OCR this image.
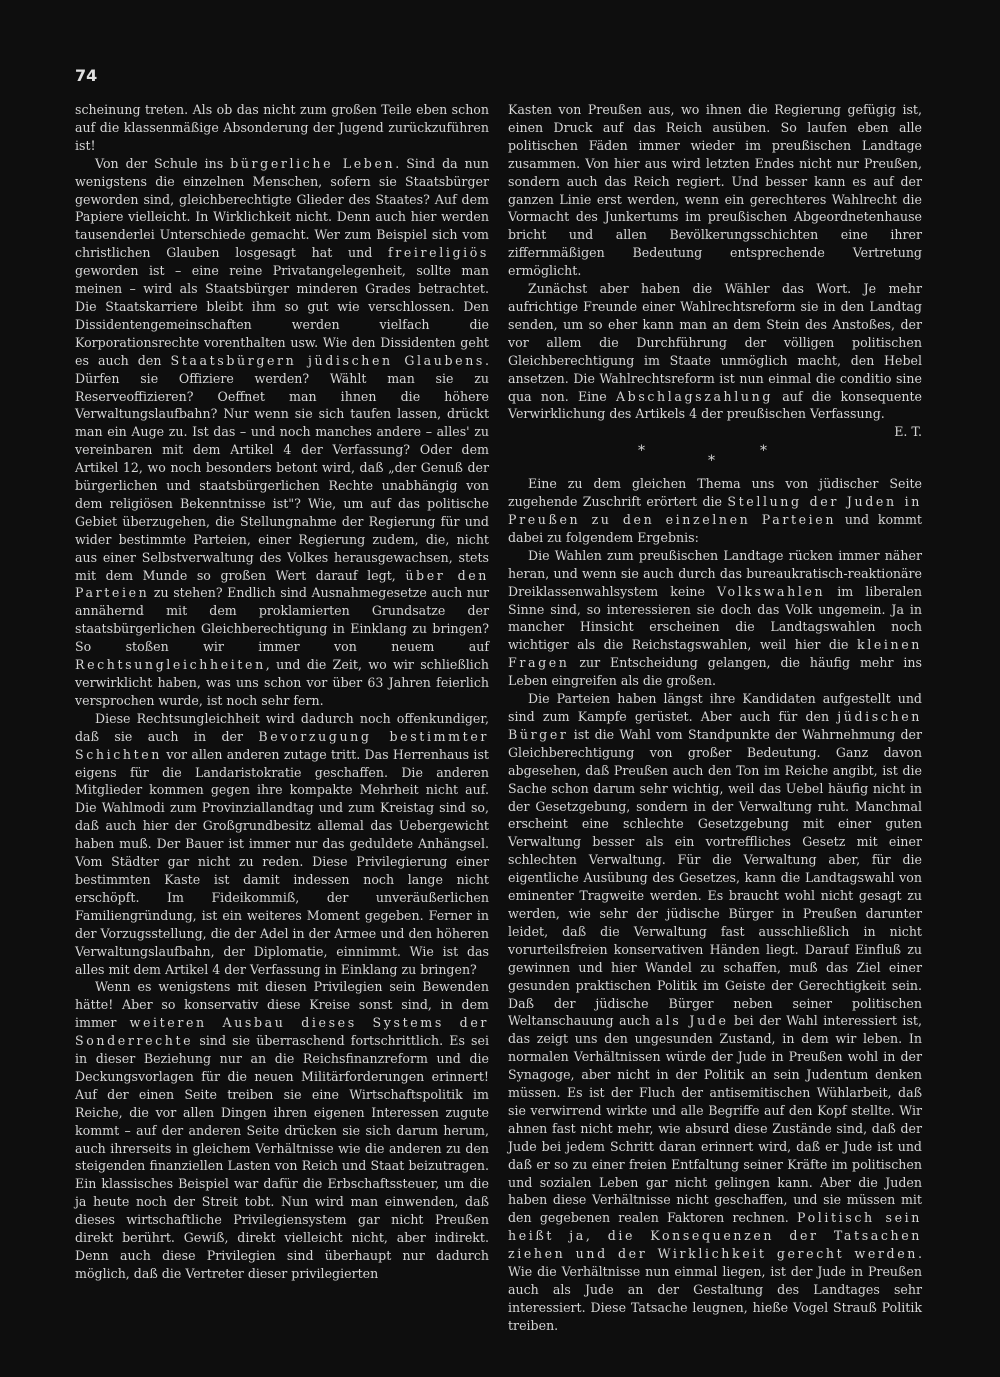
74

scheinung treten. Als ob das nicht zum großen Teile eben schon auf die klassenmäßige Absonderung der Jugend zurückzuführen ist!

Von der Schule ins bürgerliche Leben. Sind da nun wenigstens die einzelnen Menschen, sofern sie Staatsbürger geworden sind, gleichberechtigte Glieder des Staates? Auf dem Papiere vielleicht. In Wirklichkeit nicht. Denn auch hier werden tausenderlei Unterschiede gemacht. Wer zum Beispiel sich vom christlichen Glauben losgesagt hat und freireligiös geworden ist – eine reine Privatangelegenheit, sollte man meinen – wird als Staatsbürger minderen Grades betrachtet. Die Staatskarriere bleibt ihm so gut wie verschlossen. Den Dissidentengemeinschaften werden vielfach die Korporationsrechte vorenthalten usw. Wie den Dissidenten geht es auch den Staatsbürgern jüdischen Glaubens. Dürfen sie Offiziere werden? Wählt man sie zu Reserveoffizieren? Oeffnet man ihnen die höhere Verwaltungslaufbahn? Nur wenn sie sich taufen lassen, drückt man ein Auge zu. Ist das – und noch manches andere – alles' zu vereinbaren mit dem Artikel 4 der Verfassung? Oder dem Artikel 12, wo noch besonders betont wird, daß „der Genuß der bürgerlichen und staatsbürgerlichen Rechte unabhängig von dem religiösen Bekenntnisse ist"? Wie, um auf das politische Gebiet überzugehen, die Stellungnahme der Regierung für und wider bestimmte Parteien, einer Regierung zudem, die, nicht aus einer Selbstverwaltung des Volkes herausgewachsen, stets mit dem Munde so großen Wert darauf legt, über den Parteien zu stehen? Endlich sind Ausnahmegesetze auch nur annähernd mit dem proklamierten Grundsatze der staatsbürgerlichen Gleichberechtigung in Einklang zu bringen? So stoßen wir immer von neuem auf Rechtsungleichheiten, und die Zeit, wo wir schließlich verwirklicht haben, was uns schon vor über 63 Jahren feierlich versprochen wurde, ist noch sehr fern.

Diese Rechtsungleichheit wird dadurch noch offenkundiger, daß sie auch in der Bevorzugung bestimmter Schichten vor allen anderen zutage tritt. Das Herrenhaus ist eigens für die Landaristokratie geschaffen. Die anderen Mitglieder kommen gegen ihre kompakte Mehrheit nicht auf. Die Wahlmodi zum Provinziallandtag und zum Kreistag sind so, daß auch hier der Großgrundbesitz allemal das Uebergewicht haben muß. Der Bauer ist immer nur das geduldete Anhängsel. Vom Städter gar nicht zu reden. Diese Privilegierung einer bestimmten Kaste ist damit indessen noch lange nicht erschöpft. Im Fideikommiß, der unveräußerlichen Familiengründung, ist ein weiteres Moment gegeben. Ferner in der Vorzugsstellung, die der Adel in der Armee und den höheren Verwaltungslaufbahn, der Diplomatie, einnimmt. Wie ist das alles mit dem Artikel 4 der Verfassung in Einklang zu bringen?

Wenn es wenigstens mit diesen Privilegien sein Bewenden hätte! Aber so konservativ diese Kreise sonst sind, in dem immer weiteren Ausbau dieses Systems der Sonderrechte sind sie überraschend fortschrittlich. Es sei in dieser Beziehung nur an die Reichsfinanzreform und die Deckungsvorlagen für die neuen Militärforderungen erinnert! Auf der einen Seite treiben sie eine Wirtschaftspolitik im Reiche, die vor allen Dingen ihren eigenen Interessen zugute kommt – auf der anderen Seite drücken sie sich darum herum, auch ihrerseits in gleichem Verhältnisse wie die anderen zu den steigenden finanziellen Lasten von Reich und Staat beizutragen. Ein klassisches Beispiel war dafür die Erbschaftssteuer, um die ja heute noch der Streit tobt. Nun wird man einwenden, daß dieses wirtschaftliche Privilegiensystem gar nicht Preußen direkt berührt. Gewiß, direkt vielleicht nicht, aber indirekt. Denn auch diese Privilegien sind überhaupt nur dadurch möglich, daß die Vertreter dieser privilegierten

Kasten von Preußen aus, wo ihnen die Regierung gefügig ist, einen Druck auf das Reich ausüben. So laufen eben alle politischen Fäden immer wieder im preußischen Landtage zusammen. Von hier aus wird letzten Endes nicht nur Preußen, sondern auch das Reich regiert. Und besser kann es auf der ganzen Linie erst werden, wenn ein gerechteres Wahlrecht die Vormacht des Junkertums im preußischen Abgeordnetenhause bricht und allen Bevölkerungsschichten eine ihrer ziffernmäßigen Bedeutung entsprechende Vertretung ermöglicht.

Zunächst aber haben die Wähler das Wort. Je mehr aufrichtige Freunde einer Wahlrechtsreform sie in den Landtag senden, um so eher kann man an dem Stein des Anstoßes, der vor allem die Durchführung der völligen politischen Gleichberechtigung im Staate unmöglich macht, den Hebel ansetzen. Die Wahlrechtsreform ist nun einmal die conditio sine qua non. Eine Abschlagszahlung auf die konsequente Verwirklichung des Artikels 4 der preußischen Verfassung.

E. T.

*
*
*

Eine zu dem gleichen Thema uns von jüdischer Seite zugehende Zuschrift erörtert die Stellung der Juden in Preußen zu den einzelnen Parteien und kommt dabei zu folgendem Ergebnis:

Die Wahlen zum preußischen Landtage rücken immer näher heran, und wenn sie auch durch das bureaukratisch-reaktionäre Dreiklassenwahlsystem keine Volkswahlen im liberalen Sinne sind, so interessieren sie doch das Volk ungemein. Ja in mancher Hinsicht erscheinen die Landtagswahlen noch wichtiger als die Reichstagswahlen, weil hier die kleinen Fragen zur Entscheidung gelangen, die häufig mehr ins Leben eingreifen als die großen.

Die Parteien haben längst ihre Kandidaten aufgestellt und sind zum Kampfe gerüstet. Aber auch für den jüdischen Bürger ist die Wahl vom Standpunkte der Wahrnehmung der Gleichberechtigung von großer Bedeutung. Ganz davon abgesehen, daß Preußen auch den Ton im Reiche angibt, ist die Sache schon darum sehr wichtig, weil das Uebel häufig nicht in der Gesetzgebung, sondern in der Verwaltung ruht. Manchmal erscheint eine schlechte Gesetzgebung mit einer guten Verwaltung besser als ein vortreffliches Gesetz mit einer schlechten Verwaltung. Für die Verwaltung aber, für die eigentliche Ausübung des Gesetzes, kann die Landtagswahl von eminenter Tragweite werden. Es braucht wohl nicht gesagt zu werden, wie sehr der jüdische Bürger in Preußen darunter leidet, daß die Verwaltung fast ausschließlich in nicht vorurteilsfreien konservativen Händen liegt. Darauf Einfluß zu gewinnen und hier Wandel zu schaffen, muß das Ziel einer gesunden praktischen Politik im Geiste der Gerechtigkeit sein. Daß der jüdische Bürger neben seiner politischen Weltanschauung auch als Jude bei der Wahl interessiert ist, das zeigt uns den ungesunden Zustand, in dem wir leben. In normalen Verhältnissen würde der Jude in Preußen wohl in der Synagoge, aber nicht in der Politik an sein Judentum denken müssen. Es ist der Fluch der antisemitischen Wühlarbeit, daß sie verwirrend wirkte und alle Begriffe auf den Kopf stellte. Wir ahnen fast nicht mehr, wie absurd diese Zustände sind, daß der Jude bei jedem Schritt daran erinnert wird, daß er Jude ist und daß er so zu einer freien Entfaltung seiner Kräfte im politischen und sozialen Leben gar nicht gelingen kann. Aber die Juden haben diese Verhältnisse nicht geschaffen, und sie müssen mit den gegebenen realen Faktoren rechnen. Politisch sein heißt ja, die Konsequenzen der Tatsachen ziehen und der Wirklichkeit gerecht werden. Wie die Verhältnisse nun einmal liegen, ist der Jude in Preußen auch als Jude an der Gestaltung des Landtages sehr interessiert. Diese Tatsache leugnen, hieße Vogel Strauß Politik treiben.
